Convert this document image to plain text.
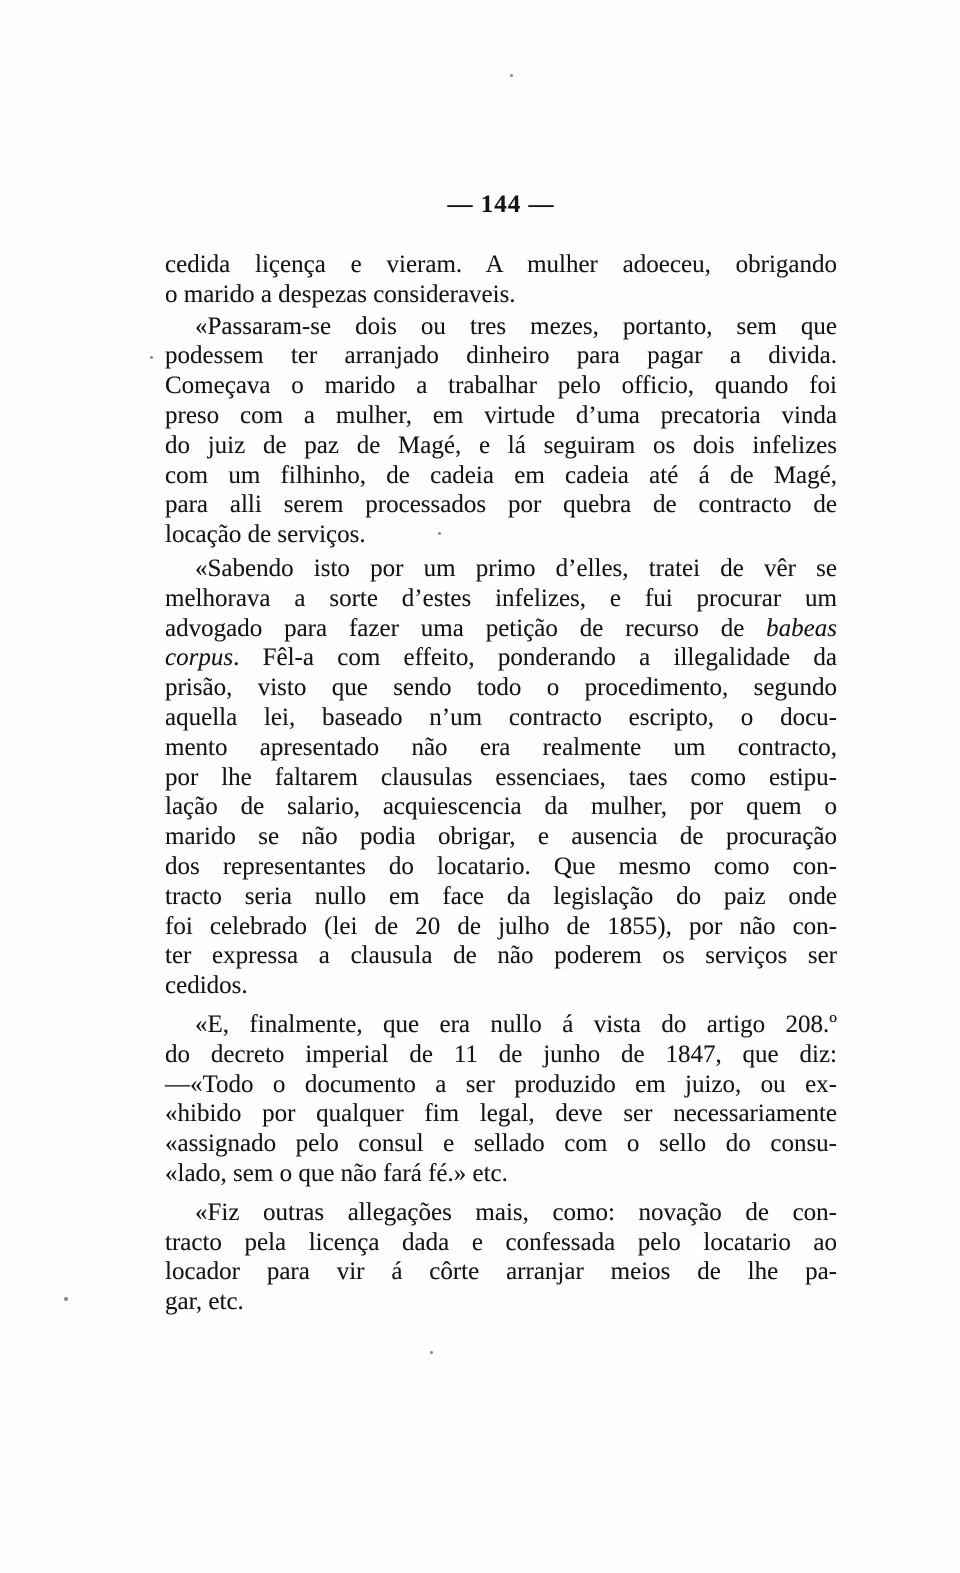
— 144 —
cedida liçença e vieram. A mulher adoeceu, obrigando
o marido a despezas consideraveis.
«Passaram-se dois ou tres mezes, portanto, sem que
podessem ter arranjado dinheiro para pagar a divida.
Começava o marido a trabalhar pelo officio, quando foi
preso com a mulher, em virtude d’uma precatoria vinda
do juiz de paz de Magé, e lá seguiram os dois infelizes
com um filhinho, de cadeia em cadeia até á de Magé,
para alli serem processados por quebra de contracto de
locação de serviços.
«Sabendo isto por um primo d’elles, tratei de vêr se
melhorava a sorte d’estes infelizes, e fui procurar um
advogado para fazer uma petição de recurso de babeas
corpus. Fêl-a com effeito, ponderando a illegalidade da
prisão, visto que sendo todo o procedimento, segundo
aquella lei, baseado n’um contracto escripto, o docu-
mento apresentado não era realmente um contracto,
por lhe faltarem clausulas essenciaes, taes como estipu-
lação de salario, acquiescencia da mulher, por quem o
marido se não podia obrigar, e ausencia de procuração
dos representantes do locatario. Que mesmo como con-
tracto seria nullo em face da legislação do paiz onde
foi celebrado (lei de 20 de julho de 1855), por não con-
ter expressa a clausula de não poderem os serviços ser
cedidos.
«E, finalmente, que era nullo á vista do artigo 208.º
do decreto imperial de 11 de junho de 1847, que diz:
—«Todo o documento a ser produzido em juizo, ou ex-
«hibido por qualquer fim legal, deve ser necessariamente
«assignado pelo consul e sellado com o sello do consu-
«lado, sem o que não fará fé.» etc.
«Fiz outras allegações mais, como: novação de con-
tracto pela licença dada e confessada pelo locatario ao
locador para vir á côrte arranjar meios de lhe pa-
gar, etc.
